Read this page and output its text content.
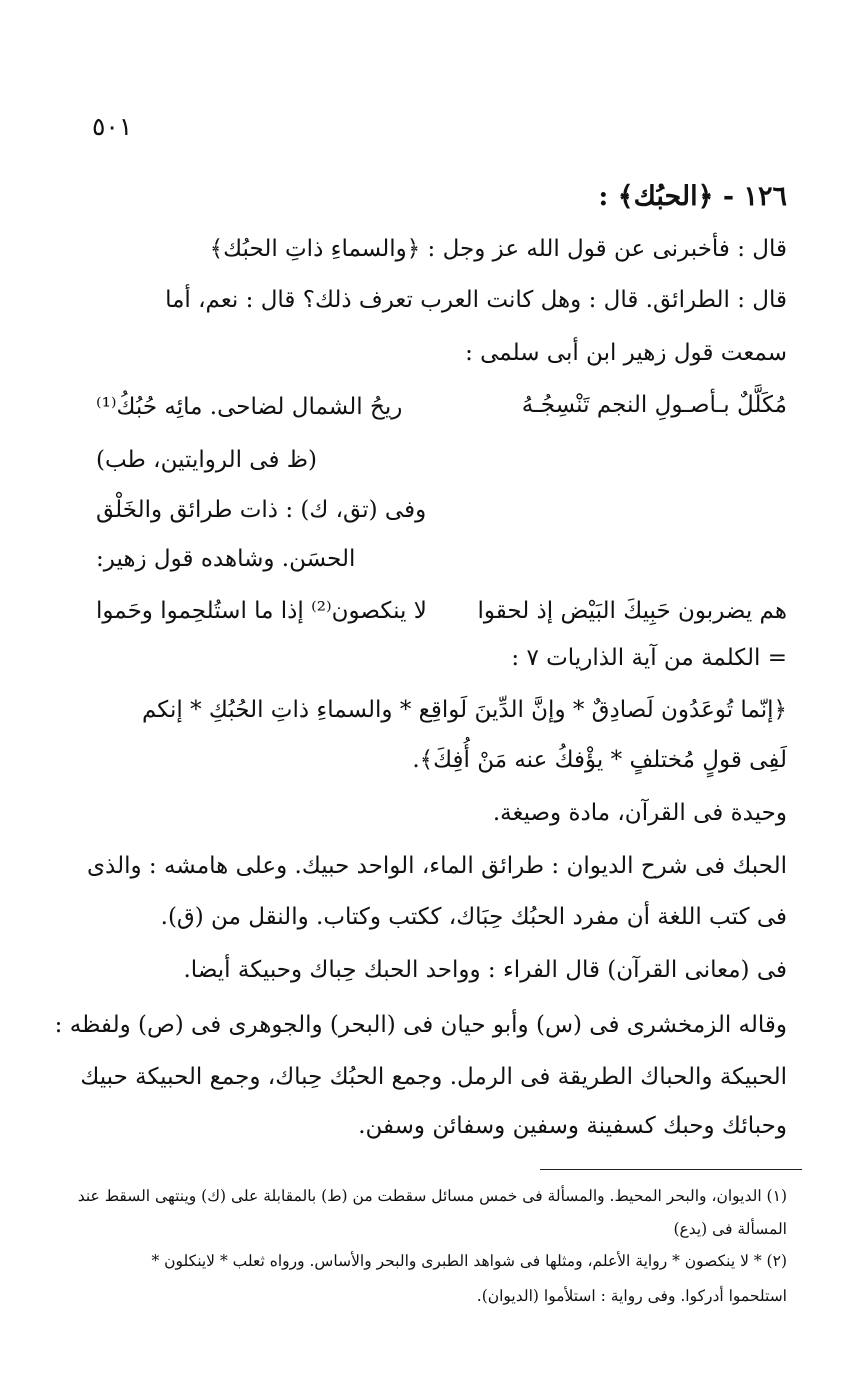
٥٠١
١٢٦ - ﴿الحبُك﴾ :
قال : فأخبرنى عن قول الله عز وجل : ﴿والسماءِ ذاتِ الحبُك﴾
قال : الطرائق. قال : وهل كانت العرب تعرف ذلك؟ قال : نعم، أما
سمعت قول زهير ابن أبى سلمى :
مُكَلَّلٌ بـأصـولِ النجم تَنْسِجُـهُ
ريحُ الشمال لضاحى. مائِه حُبُكُ⁽¹⁾
(ظ فى الروايتين، طب)
وفى (تق، ك) : ذات طرائق والخَلْق
الحسَن. وشاهده قول زهير:
هم يضربون حَبِيكَ البَيْض إذ لحقوا
لا ينكصون⁽²⁾ إذا ما استُلحِموا وحَموا
= الكلمة من آية الذاريات ٧ :
﴿إنّما تُوعَدُون لَصادِقٌ * وإنَّ الدِّينَ لَواقِع * والسماءِ ذاتِ الحُبُكِ * إنكم
لَفِى قولٍ مُختلفٍ * يؤْفكُ عنه مَنْ أُفِكَ﴾.
وحيدة فى القرآن، مادة وصيغة.
الحبك فى شرح الديوان : طرائق الماء، الواحد حبيك. وعلى هامشه : والذى
فى كتب اللغة أن مفرد الحبُك حِبَاك، ككتب وكتاب. والنقل من (ق).
فى (معانى القرآن) قال الفراء : وواحد الحبك حِباك وحبيكة أيضا.
وقاله الزمخشرى فى (س) وأبو حيان فى (البحر) والجوهرى فى (ص) ولفظه :
الحبيكة والحباك الطريقة فى الرمل. وجمع الحبُك حِباك، وجمع الحبيكة حبيك
وحبائك وحبك كسفينة وسفين وسفائن وسفن.
(١) الديوان، والبحر المحيط. والمسألة فى خمس مسائل سقطت من (ط) بالمقابلة على (ك) وينتهى السقط عند
المسألة فى (يدع)
(٢) * لا ينكصون * رواية الأعلم، ومثلها فى شواهد الطبرى والبحر والأساس. ورواه ثعلب * لاينكلون *
استلحموا أدركوا. وفى رواية : استلأموا (الديوان).
